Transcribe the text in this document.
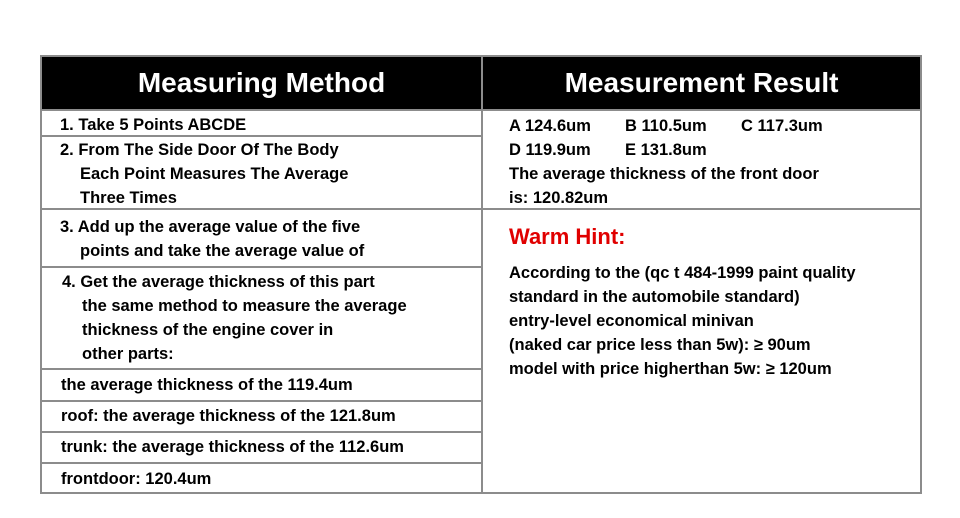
Measuring Method	Measurement Result
1. Take 5 Points ABCDE
2. From The Side Door Of The Body
Each Point Measures The Average
Three Times
3. Add up the average value of the five
points and take the average value of
4. Get the average thickness of this part
the same method to measure the average
thickness of the engine cover in
other parts:
the average thickness of the 119.4um
roof: the average thickness of the 121.8um
trunk: the average thickness of the 112.6um
frontdoor: 120.4um
A 124.6um B 110.5um C 117.3um
D 119.9um E 131.8um
The average thickness of the front door
is: 120.82um
Warm Hint:
According to the (qc t 484-1999 paint quality
standard in the automobile standard)
entry-level economical minivan
(naked car price less than 5w): ≥ 90um
model with price higherthan 5w: ≥ 120um
